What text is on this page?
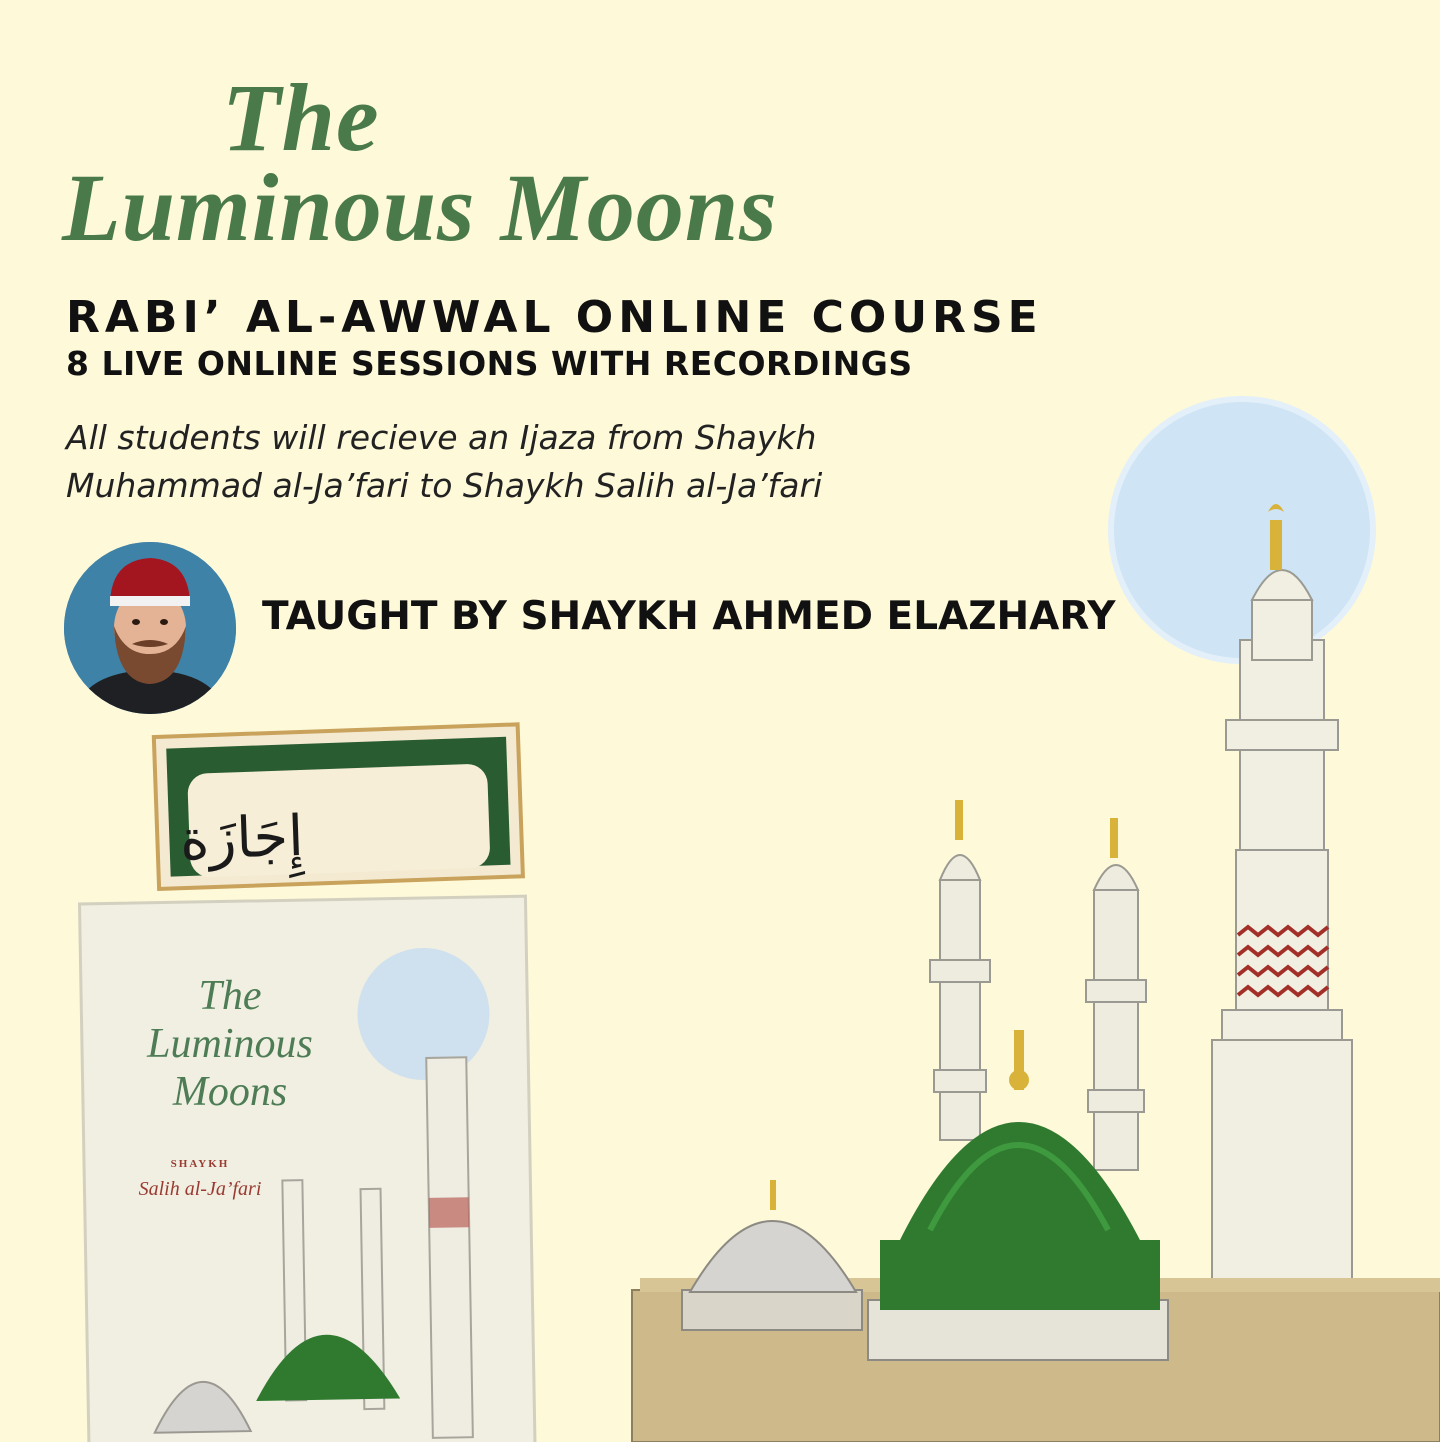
The
Luminous Moons
RABI’ AL-AWWAL ONLINE COURSE
8 LIVE ONLINE SESSIONS WITH RECORDINGS
All students will recieve an Ijaza from Shaykh
Muhammad al-Ja’fari to Shaykh Salih al-Ja’fari
TAUGHT BY SHAYKH AHMED ELAZHARY
إِجَازَة
The
Luminous
Moons
SHAYKH
Salih al-Ja’fari
